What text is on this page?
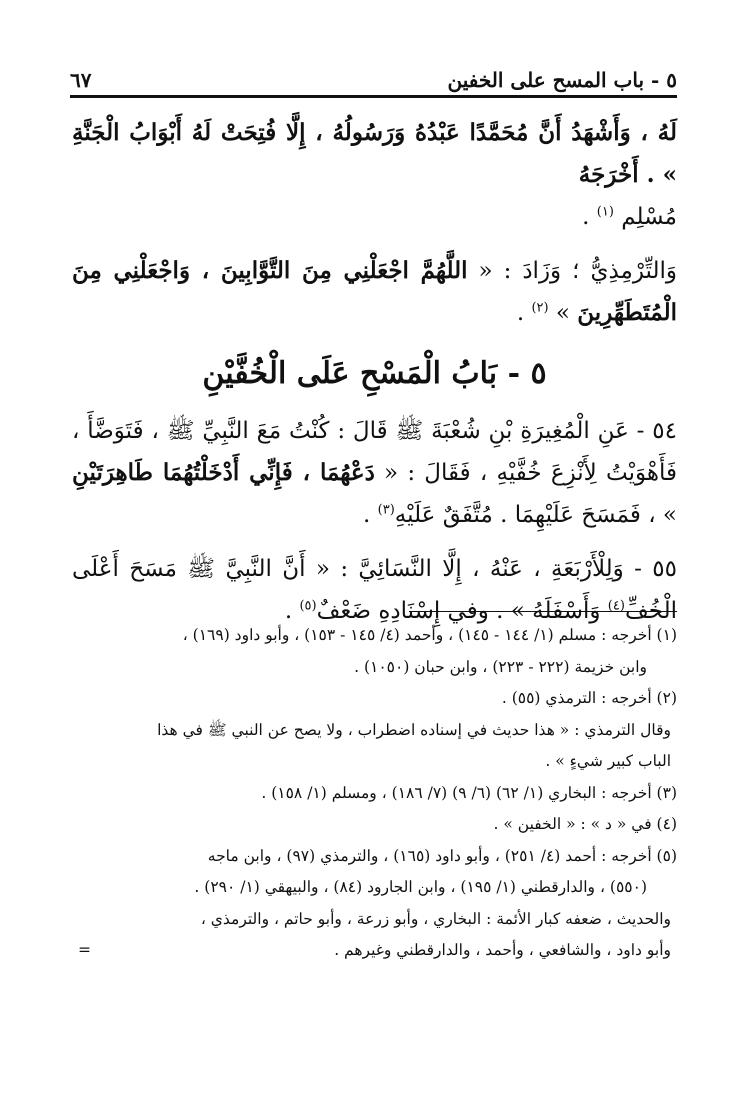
٥ - باب المسح على الخفين
٦٧

لَهُ ، وَأَشْهَدُ أَنَّ مُحَمَّدًا عَبْدُهُ وَرَسُولُهُ ، إِلَّا فُتِحَتْ لَهُ أَبْوَابُ الْجَنَّةِ » . أَخْرَجَهُ
مُسْلِم $^{(١)}$ .

وَالتِّرْمِذِيُّ ؛ وَزَادَ : « اللَّهُمَّ اجْعَلْنِي مِنَ التَّوَّابِينَ ، وَاجْعَلْنِي مِنَ الْمُتَطَهِّرِينَ » $^{(٢)}$ .

٥ - بَابُ الْمَسْحِ عَلَى الْخُفَّيْنِ

٥٤ - عَنِ الْمُغِيرَةِ بْنِ شُعْبَةَ ﷺ قَالَ : كُنْتُ مَعَ النَّبِيِّ ﷺ ، فَتَوَضَّأَ ، فَأَهْوَيْتُ لِأَنْزِعَ خُفَّيْهِ ، فَقَالَ : « دَعْهُمَا ، فَإِنِّي أَدْخَلْتُهُمَا طَاهِرَتَيْنِ » ، فَمَسَحَ عَلَيْهِمَا . مُتَّفَقٌ عَلَيْهِ$^{(٣)}$ .

٥٥ - وَلِلْأَرْبَعَةِ ، عَنْهُ ، إِلَّا النَّسَائِيَّ : « أَنَّ النَّبِيَّ ﷺ مَسَحَ أَعْلَى الْخُفِّ$^{(٤)}$ وَأَسْفَلَهُ » . وفي إِسْنَادِهِ ضَعْفٌ$^{(٥)}$ .

(١) أخرجه : مسلم (١/ ١٤٤ - ١٤٥) ، وأحمد (٤/ ١٤٥ - ١٥٣) ، وأبو داود (١٦٩) ،

وابن خزيمة (٢٢٢ - ٢٢٣) ، وابن حبان (١٠٥٠) .

(٢) أخرجه : الترمذي (٥٥) .

وقال الترمذي : « هذا حديث في إسناده اضطراب ، ولا يصح عن النبي ﷺ في هذا

الباب كبير شيءٍ » .

(٣) أخرجه : البخاري (١/ ٦٢) (٦/ ٩) (٧/ ١٨٦) ، ومسلم (١/ ١٥٨) .

(٤) في « د » : « الخفين » .

(٥) أخرجه : أحمد (٤/ ٢٥١) ، وأبو داود (١٦٥) ، والترمذي (٩٧) ، وابن ماجه

(٥٥٠) ، والدارقطني (١/ ١٩٥) ، وابن الجارود (٨٤) ، والبيهقي (١/ ٢٩٠) .

والحديث ، ضعفه كبار الأئمة : البخاري ، وأبو زرعة ، وأبو حاتم ، والترمذي ،

وأبو داود ، والشافعي ، وأحمد ، والدارقطني وغيرهم .
=
